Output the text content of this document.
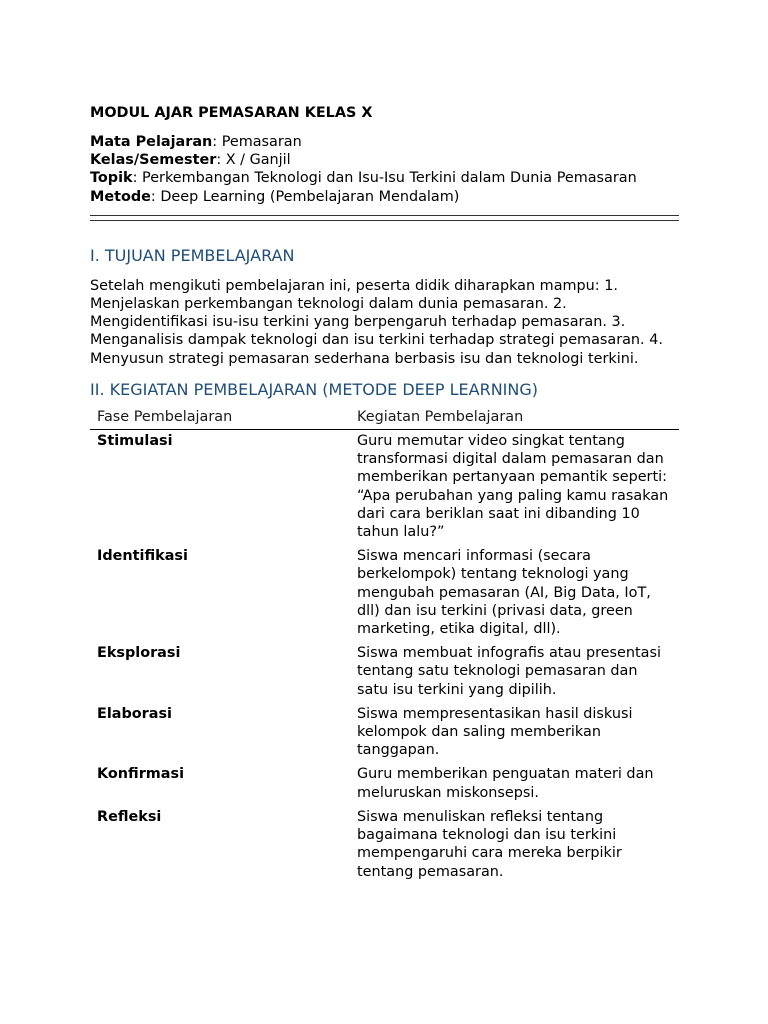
MODUL AJAR PEMASARAN KELAS X

Mata Pelajaran: Pemasaran

Kelas/Semester: X / Ganjil

Topik: Perkembangan Teknologi dan Isu-Isu Terkini dalam Dunia Pemasaran

Metode: Deep Learning (Pembelajaran Mendalam)

I. TUJUAN PEMBELAJARAN

Setelah mengikuti pembelajaran ini, peserta didik diharapkan mampu: 1. Menjelaskan perkembangan teknologi dalam dunia pemasaran. 2. Mengidentifikasi isu-isu terkini yang berpengaruh terhadap pemasaran. 3. Menganalisis dampak teknologi dan isu terkini terhadap strategi pemasaran. 4. Menyusun strategi pemasaran sederhana berbasis isu dan teknologi terkini.

II. KEGIATAN PEMBELAJARAN (METODE DEEP LEARNING)
Fase Pembelajaran	Kegiatan Pembelajaran
Stimulasi	Guru memutar video singkat tentang transformasi digital dalam pemasaran dan memberikan pertanyaan pemantik seperti: “Apa perubahan yang paling kamu rasakan dari cara beriklan saat ini dibanding 10 tahun lalu?”
Identifikasi	Siswa mencari informasi (secara berkelompok) tentang teknologi yang mengubah pemasaran (AI, Big Data, IoT, dll) dan isu terkini (privasi data, green marketing, etika digital, dll).
Eksplorasi	Siswa membuat infografis atau presentasi tentang satu teknologi pemasaran dan satu isu terkini yang dipilih.
Elaborasi	Siswa mempresentasikan hasil diskusi kelompok dan saling memberikan tanggapan.
Konfirmasi	Guru memberikan penguatan materi dan meluruskan miskonsepsi.
Refleksi	Siswa menuliskan refleksi tentang bagaimana teknologi dan isu terkini mempengaruhi cara mereka berpikir tentang pemasaran.
